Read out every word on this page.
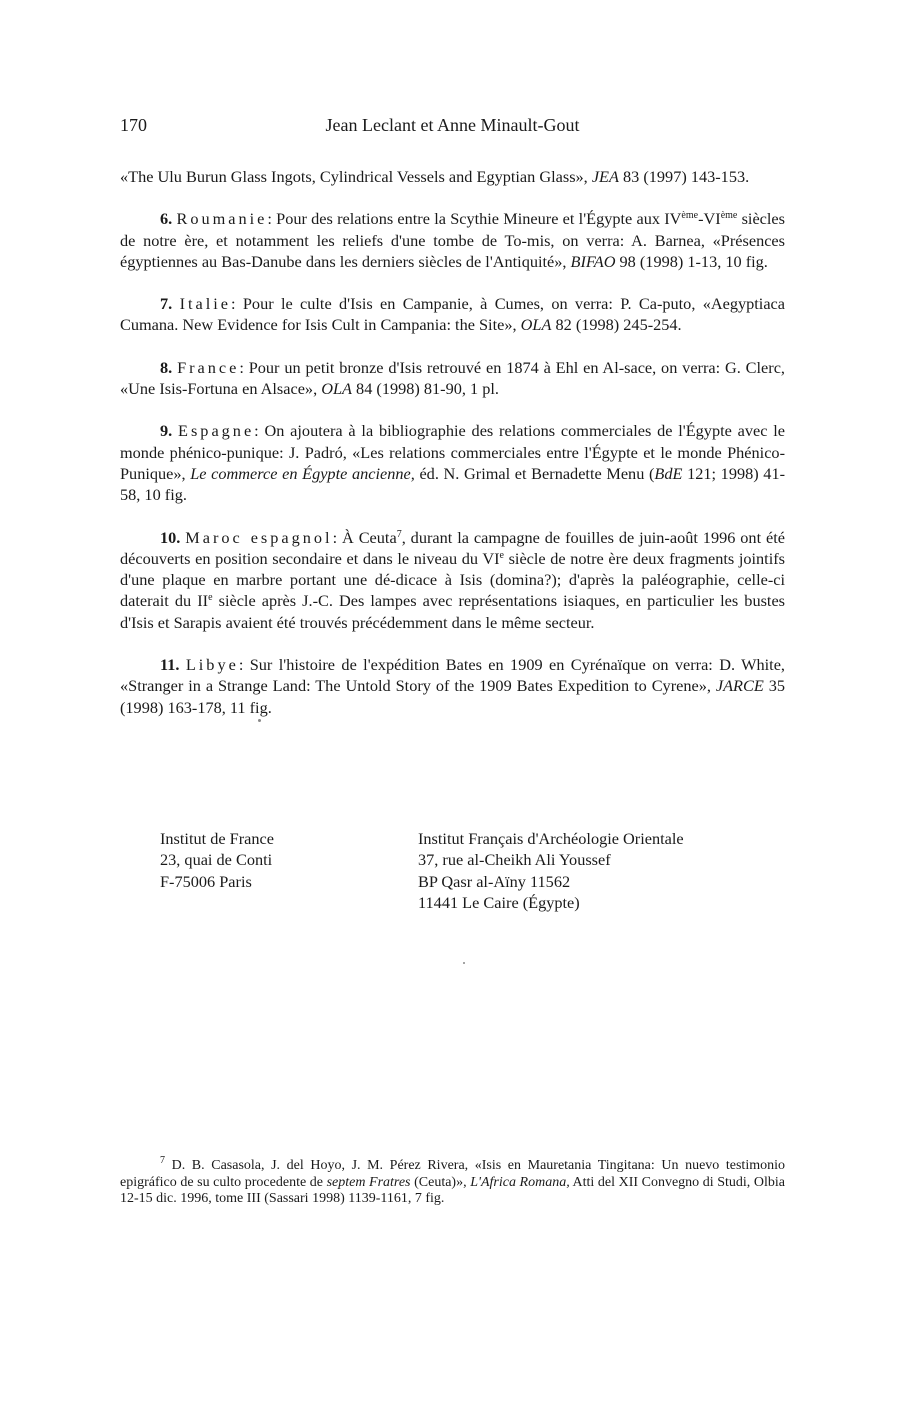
170	Jean Leclant et Anne Minault-Gout

«The Ulu Burun Glass Ingots, Cylindrical Vessels and Egyptian Glass», JEA 83 (1997) 143-153.

6. Roumanie: Pour des relations entre la Scythie Mineure et l'Égypte aux IVème-VIème siècles de notre ère, et notamment les reliefs d'une tombe de To-mis, on verra: A. Barnea, «Présences égyptiennes au Bas-Danube dans les derniers siècles de l'Antiquité», BIFAO 98 (1998) 1-13, 10 fig.

7. Italie: Pour le culte d'Isis en Campanie, à Cumes, on verra: P. Ca-puto, «Aegyptiaca Cumana. New Evidence for Isis Cult in Campania: the Site», OLA 82 (1998) 245-254.

8. France: Pour un petit bronze d'Isis retrouvé en 1874 à Ehl en Al-sace, on verra: G. Clerc, «Une Isis-Fortuna en Alsace», OLA 84 (1998) 81-90, 1 pl.

9. Espagne: On ajoutera à la bibliographie des relations commerciales de l'Égypte avec le monde phénico-punique: J. Padró, «Les relations commerciales entre l'Égypte et le monde Phénico-Punique», Le commerce en Égypte ancienne, éd. N. Grimal et Bernadette Menu (BdE 121; 1998) 41-58, 10 fig.

10. Maroc espagnol: À Ceuta$^7$, durant la campagne de fouilles de juin-août 1996 ont été découverts en position secondaire et dans le niveau du VIe siècle de notre ère deux fragments jointifs d'une plaque en marbre portant une dé-dicace à Isis (domina?); d'après la paléographie, celle-ci daterait du IIe siècle après J.-C. Des lampes avec représentations isiaques, en particulier les bustes d'Isis et Sarapis avaient été trouvés précédemment dans le même secteur.

11. Libye: Sur l'histoire de l'expédition Bates en 1909 en Cyrénaïque on verra: D. White, «Stranger in a Strange Land: The Untold Story of the 1909 Bates Expedition to Cyrene», JARCE 35 (1998) 163-178, 11 fig.

Institut de France
23, quai de Conti
F-75006 Paris
Institut Français d'Archéologie Orientale
37, rue al-Cheikh Ali Youssef
BP Qasr al-Aïny 11562
11441 Le Caire (Égypte)
$^7$ D. B. Casasola, J. del Hoyo, J. M. Pérez Rivera, «Isis en Mauretania Tingitana: Un nuevo testimonio epigráfico de su culto procedente de septem Fratres (Ceuta)», L'Africa Romana, Atti del XII Convegno di Studi, Olbia 12-15 dic. 1996, tome III (Sassari 1998) 1139-1161, 7 fig.
